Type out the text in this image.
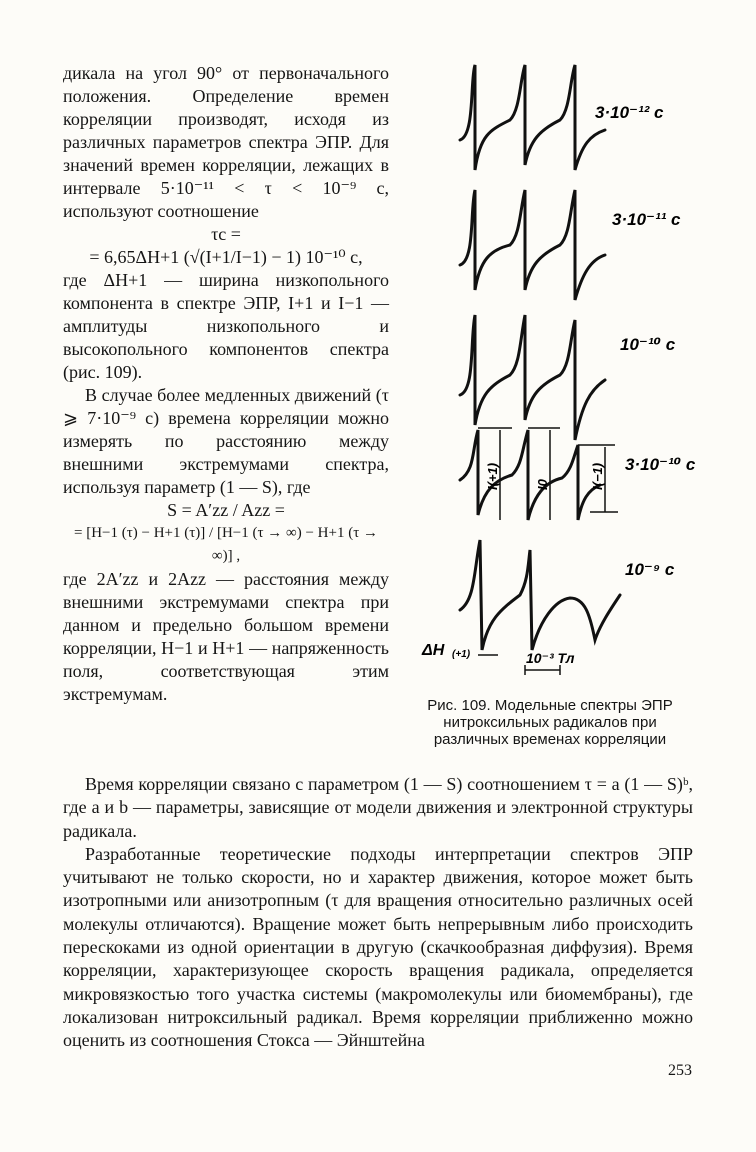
дикала на угол 90° от первоначального положения. Определение времен корреляции производят, исходя из различных параметров спектра ЭПР. Для значений времен корреляции, лежащих в интервале 5·10⁻¹¹ < τ < 10⁻⁹ с, используют соотношение

τc =

= 6,65ΔH+1 (√(I+1/I−1) − 1) 10⁻¹⁰ с,

где ΔH+1 — ширина низкопольного компонента в спектре ЭПР, I+1 и I−1 — амплитуды низкопольного и высокопольного компонентов спектра (рис. 109).

В случае более медленных движений (τ ⩾ 7·10⁻⁹ с) времена корреляции можно измерять по расстоянию между внешними экстремумами спектра, используя параметр (1 — S), где

S = A′zz / Azz =

= [H−1 (τ) − H+1 (τ)] / [H−1 (τ → ∞) − H+1 (τ → ∞)] ,

где 2A′zz и 2Azz — расстояния между внешними экстремумами спектра при данном и предельно большом времени корреляции, H−1 и H+1 — напряженность поля, соответствующая этим экстремумам.

3·10⁻¹² с
3·10⁻¹¹ с
10⁻¹⁰ с
3·10⁻¹⁰ с
10⁻⁹ с
I(+1)	I0	I(−1)
ΔH (+1)	10⁻³ Тл
Рис. 109. Модельные спектры ЭПР нитроксильных радикалов при различных временах корреляции

Время корреляции связано с параметром (1 — S) соотношением τ = a (1 — S)ᵇ, где a и b — параметры, зависящие от модели движения и электронной структуры радикала.

Разработанные теоретические подходы интерпретации спектров ЭПР учитывают не только скорости, но и характер движения, которое может быть изотропными или анизотропным (τ для вращения относительно различных осей молекулы отличаются). Вращение может быть непрерывным либо происходить перескоками из одной ориентации в другую (скачкообразная диффузия). Время корреляции, характеризующее скорость вращения радикала, определяется микровязкостью того участка системы (макромолекулы или биомембраны), где локализован нитроксильный радикал. Время корреляции приближенно можно оценить из соотношения Стокса — Эйнштейна

253
